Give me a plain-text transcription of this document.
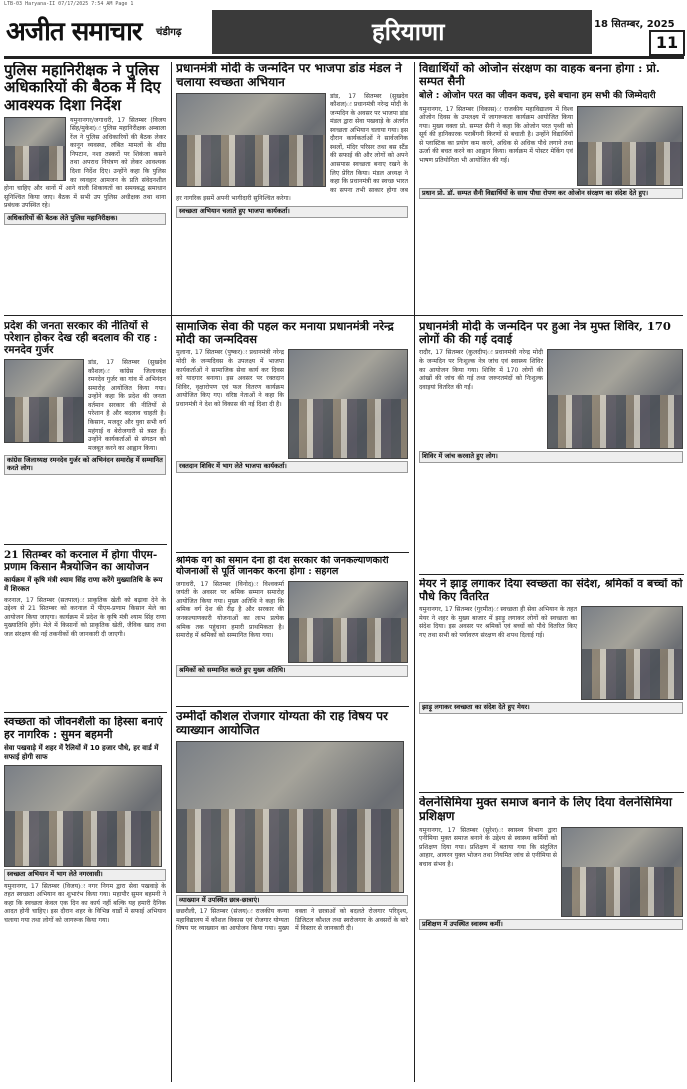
LTB-03 Haryana-II 07/17/2025 7:54 AM Page 1
अजीत समाचार चंडीगढ़	हरियाणा	18 सितम्बर, 2025
11
पुलिस महानिरीक्षक ने पुलिस अधिकारियों की बैठक में दिए आवश्यक दिशा निर्देश

यमुनानगर/जगाधरी, 17 सितम्बर (विजय सिंह/मुकेश)ः पुलिस महानिरीक्षक अम्बाला रेंज ने पुलिस अधिकारियों की बैठक लेकर कानून व्यवस्था, लंबित मामलों के शीघ्र निपटान, नशा तस्करों पर शिकंजा कसने तथा अपराध नियंत्रण को लेकर आवश्यक दिशा निर्देश दिए। उन्होंने कहा कि पुलिस का व्यवहार आमजन के प्रति संवेदनशील होना चाहिए और थानों में आने वाली शिकायतों का समयबद्ध समाधान सुनिश्चित किया जाए। बैठक में सभी उप पुलिस अधीक्षक तथा थाना प्रबंधक उपस्थित रहे।

अधिकारियों की बैठक लेते पुलिस महानिरीक्षक।
प्रधानमंत्री मोदी के जन्मदिन पर भाजपा डांड मंडल ने चलाया स्वच्छता अभियान

डांड, 17 सितम्बर (सुखदेव कौशल)ः प्रधानमंत्री नरेन्द्र मोदी के जन्मदिन के अवसर पर भाजपा डांड मंडल द्वारा सेवा पखवाड़े के अंतर्गत स्वच्छता अभियान चलाया गया। इस दौरान कार्यकर्ताओं ने सार्वजनिक स्थलों, मंदिर परिसर तथा बस स्टैंड की सफाई की और लोगों को अपने आसपास स्वच्छता बनाए रखने के लिए प्रेरित किया। मंडल अध्यक्ष ने कहा कि प्रधानमंत्री का स्वच्छ भारत का सपना तभी साकार होगा जब हर नागरिक इसमें अपनी भागीदारी सुनिश्चित करेगा।

स्वच्छता अभियान चलाते हुए भाजपा कार्यकर्ता।
विद्यार्थियों को ओजोन संरक्षण का वाहक बनना होगा : प्रो. सम्पत सैनी
बोले : ओजोन परत का जीवन कवच, इसे बचाना हम सभी की जिम्मेदारी

यमुनानगर, 17 सितम्बर (विकास)ः राजकीय महाविद्यालय में विश्व ओजोन दिवस के उपलक्ष्य में जागरूकता कार्यक्रम आयोजित किया गया। मुख्य वक्ता प्रो. सम्पत सैनी ने कहा कि ओजोन परत पृथ्वी को सूर्य की हानिकारक पराबैंगनी किरणों से बचाती है। उन्होंने विद्यार्थियों से प्लास्टिक का प्रयोग कम करने, अधिक से अधिक पौधे लगाने तथा ऊर्जा की बचत करने का आह्वान किया। कार्यक्रम में पोस्टर मेकिंग एवं भाषण प्रतियोगिता भी आयोजित की गई।

प्रधान प्रो. डॉ. सम्पत सैनी विद्यार्थियों के साथ पौधा रोपण कर ओजोन संरक्षण का संदेश देते हुए।
प्रदेश की जनता सरकार की नीतियों से परेशान होकर देख रही बदलाव की राह : रमनदेव गुर्जर

डांड, 17 सितम्बर (सुखदेव कौशल)ः कांग्रेस जिलाध्यक्ष रमनदेव गुर्जर का गांव में अभिनंदन समारोह आयोजित किया गया। उन्होंने कहा कि प्रदेश की जनता वर्तमान सरकार की नीतियों से परेशान है और बदलाव चाहती है। किसान, मजदूर और युवा सभी वर्ग महंगाई व बेरोजगारी से त्रस्त हैं। उन्होंने कार्यकर्ताओं से संगठन को मजबूत करने का आह्वान किया।

कांग्रेस जिलाध्यक्ष रमनदेव गुर्जर को अभिनंदन समारोह में सम्मानित करते लोग।
सामाजिक सेवा की पहल कर मनाया प्रधानमंत्री नरेन्द्र मोदी का जन्मदिवस

मुलाना, 17 सितम्बर (पुष्कर)ः प्रधानमंत्री नरेन्द्र मोदी के जन्मदिवस के उपलक्ष्य में भाजपा कार्यकर्ताओं ने सामाजिक सेवा कार्य कर दिवस को यादगार बनाया। इस अवसर पर रक्तदान शिविर, वृक्षारोपण एवं फल वितरण कार्यक्रम आयोजित किए गए। वरिष्ठ नेताओं ने कहा कि प्रधानमंत्री ने देश को विकास की नई दिशा दी है।

रक्तदान शिविर में भाग लेते भाजपा कार्यकर्ता।
प्रधानमंत्री मोदी के जन्मदिन पर हुआ नेत्र मुफ्त शिविर, 170 लोगों की की गई दवाई

रादौर, 17 सितम्बर (कुलदीप)ः प्रधानमंत्री नरेन्द्र मोदी के जन्मदिन पर निःशुल्क नेत्र जांच एवं स्वास्थ्य शिविर का आयोजन किया गया। शिविर में 170 लोगों की आंखों की जांच की गई तथा जरूरतमंदों को निःशुल्क दवाइयां वितरित की गईं।

शिविर में जांच करवाते हुए लोग।
21 सितम्बर को करनाल में होगा पीएम-प्रणाम किसान मैत्रयोजिन का आयोजन
कार्यक्रम में कृषि मंत्री श्याम सिंह राणा करेंगे मुख्यातिथि के रूप में शिरकत

करनाल, 17 सितम्बर (सतपाल)ः प्राकृतिक खेती को बढ़ावा देने के उद्देश्य से 21 सितम्बर को करनाल में पीएम-प्रणाम किसान मेले का आयोजन किया जाएगा। कार्यक्रम में प्रदेश के कृषि मंत्री श्याम सिंह राणा मुख्यातिथि होंगे। मेले में किसानों को प्राकृतिक खेती, जैविक खाद तथा जल संरक्षण की नई तकनीकों की जानकारी दी जाएगी।

श्रमिक वर्ग को समान देना ही देश सरकार की जनकल्याणकारी योजनाओं से पूर्ति जानकर करना होगा : सहगल

जगाधरी, 17 सितम्बर (विनोद)ः विश्वकर्मा जयंती के अवसर पर श्रमिक सम्मान समारोह आयोजित किया गया। मुख्य अतिथि ने कहा कि श्रमिक वर्ग देश की रीढ़ है और सरकार की जनकल्याणकारी योजनाओं का लाभ प्रत्येक श्रमिक तक पहुंचाना हमारी प्राथमिकता है। समारोह में श्रमिकों को सम्मानित किया गया।

श्रमिकों को सम्मानित करते हुए मुख्य अतिथि।
मेयर ने झाड़ू लगाकर दिया स्वच्छता का संदेश, श्रमिकों व बच्चों को पौधे किए वितरित

यमुनानगर, 17 सितम्बर (गुरमीत)ः स्वच्छता ही सेवा अभियान के तहत मेयर ने शहर के मुख्य बाजार में झाड़ू लगाकर लोगों को स्वच्छता का संदेश दिया। इस अवसर पर श्रमिकों एवं बच्चों को पौधे वितरित किए गए तथा सभी को पर्यावरण संरक्षण की शपथ दिलाई गई।

झाड़ू लगाकर स्वच्छता का संदेश देते हुए मेयर।
स्वच्छता को जीवनशैली का हिस्सा बनाएं हर नागरिक : सुमन बहमनी
सेवा पखवाड़े में शहर में रैलियों में 10 हजार पौधे, हर वार्ड में सफाई होगी साफ
स्वच्छता अभियान में भाग लेते नगरवासी।

यमुनानगर, 17 सितम्बर (विजय)ः नगर निगम द्वारा सेवा पखवाड़े के तहत स्वच्छता अभियान का शुभारंभ किया गया। महापौर सुमन बहमनी ने कहा कि स्वच्छता केवल एक दिन का कार्य नहीं बल्कि यह हमारी दैनिक आदत होनी चाहिए। इस दौरान शहर के विभिन्न वार्डों में सफाई अभियान चलाया गया तथा लोगों को जागरूक किया गया।

उम्मीदों कौशल रोजगार योग्यता की राह विषय पर व्याख्यान आयोजित
व्याख्यान में उपस्थित छात्र-छात्राएं।

छछरौली, 17 सितम्बर (संजय)ः राजकीय कन्या महाविद्यालय में कौशल विकास एवं रोजगार योग्यता विषय पर व्याख्यान का आयोजन किया गया। मुख्य वक्ता ने छात्राओं को बदलते रोजगार परिदृश्य, डिजिटल कौशल तथा स्वरोजगार के अवसरों के बारे में विस्तार से जानकारी दी।

वेलनेसिमिया मुक्त समाज बनाने के लिए दिया वेलनेसिमिया प्रशिक्षण

यमुनानगर, 17 सितम्बर (सुरेश)ः स्वास्थ्य विभाग द्वारा एनीमिया मुक्त समाज बनाने के उद्देश्य से स्वास्थ्य कर्मियों को प्रशिक्षण दिया गया। प्रशिक्षण में बताया गया कि संतुलित आहार, आयरन युक्त भोजन तथा नियमित जांच से एनीमिया से बचाव संभव है।

प्रशिक्षण में उपस्थित स्वास्थ्य कर्मी।
